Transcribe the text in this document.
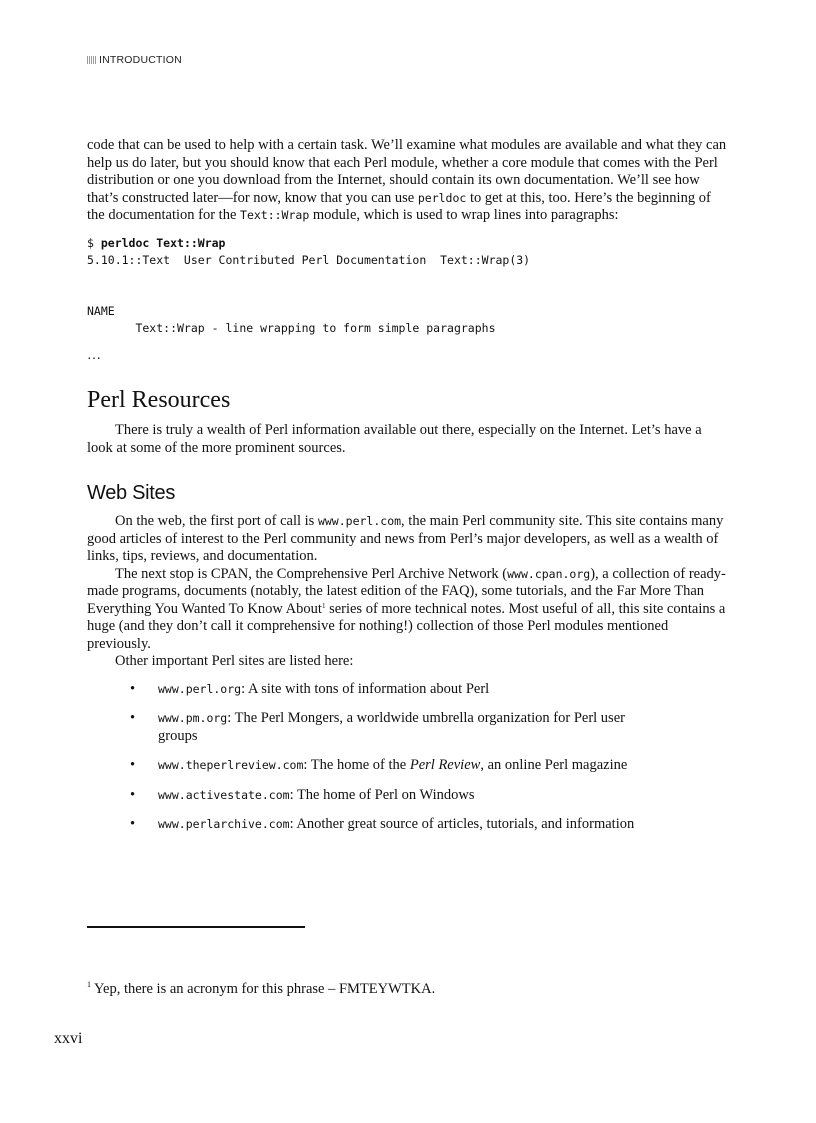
INTRODUCTION

code that can be used to help with a certain task. We’ll examine what modules are available and what they can help us do later, but you should know that each Perl module, whether a core module that comes with the Perl distribution or one you download from the Internet, should contain its own documentation. We’ll see how that’s constructed later—for now, know that you can use perldoc to get at this, too. Here’s the beginning of the documentation for the Text::Wrap module, which is used to wrap lines into paragraphs:

$ perldoc Text::Wrap
5.10.1::Text  User Contributed Perl Documentation  Text::Wrap(3)
NAME
Text::Wrap - line wrapping to form simple paragraphs
…
Perl Resources

There is truly a wealth of Perl information available out there, especially on the Internet. Let’s have a look at some of the more prominent sources.

Web Sites

On the web, the first port of call is www.perl.com, the main Perl community site. This site contains many good articles of interest to the Perl community and news from Perl’s major developers, as well as a wealth of links, tips, reviews, and documentation.

The next stop is CPAN, the Comprehensive Perl Archive Network (www.cpan.org), a collection of ready-made programs, documents (notably, the latest edition of the FAQ), some tutorials, and the Far More Than Everything You Wanted To Know About$^1$ series of more technical notes. Most useful of all, this site contains a huge (and they don’t call it comprehensive for nothing!) collection of those Perl modules mentioned previously.

Other important Perl sites are listed here:

• www.perl.org: A site with tons of information about Perl
• www.pm.org: The Perl Mongers, a worldwide umbrella organization for Perl user groups
• www.theperlreview.com: The home of the Perl Review, an online Perl magazine
• www.activestate.com: The home of Perl on Windows
• www.perlarchive.com: Another great source of articles, tutorials, and information
$^1$ Yep, there is an acronym for this phrase – FMTEYWTKA.
xxvi
